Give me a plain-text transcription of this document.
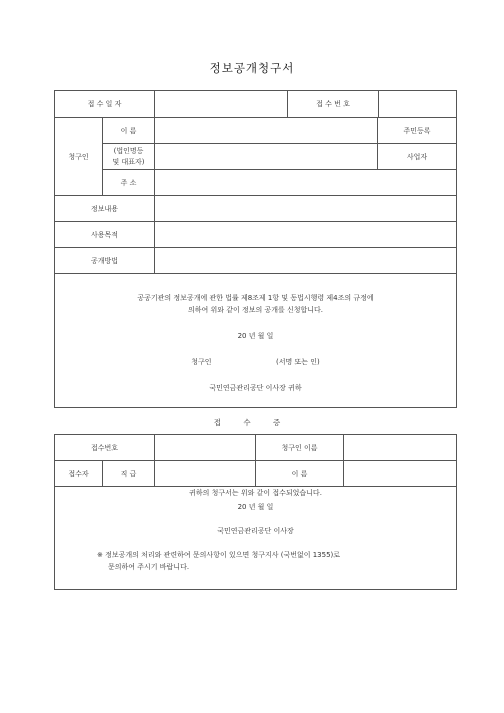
정보공개청구서
접 수 일 자			접 수 번 호	
청구인	이 름			주민등록

	(법인명등
및 대표자)			사업자
	주 소			
정보내용				
사용목적				
공개방법				

공공기관의 정보공개에 관한 법률 제8조제 1항 및 동법시행령 제4조의 규정에
의하여 위와 같이 정보의 공개를 신청합니다.
20 년 월 일
청구인 (서명 또는 인)
국민연금관리공단 이사장 귀하				
접 수 증
접수번호			청구인 이름	
접수자	직 급		이 름	

귀하의 청구서는 위와 같이 접수되었습니다.
20 년 월 일
국민연금관리공단 이사장
※ 정보공개의 처리와 관련하여 문의사항이 있으면 청구지사 (국번없이 1355)로
문의하여 주시기 바랍니다.				
